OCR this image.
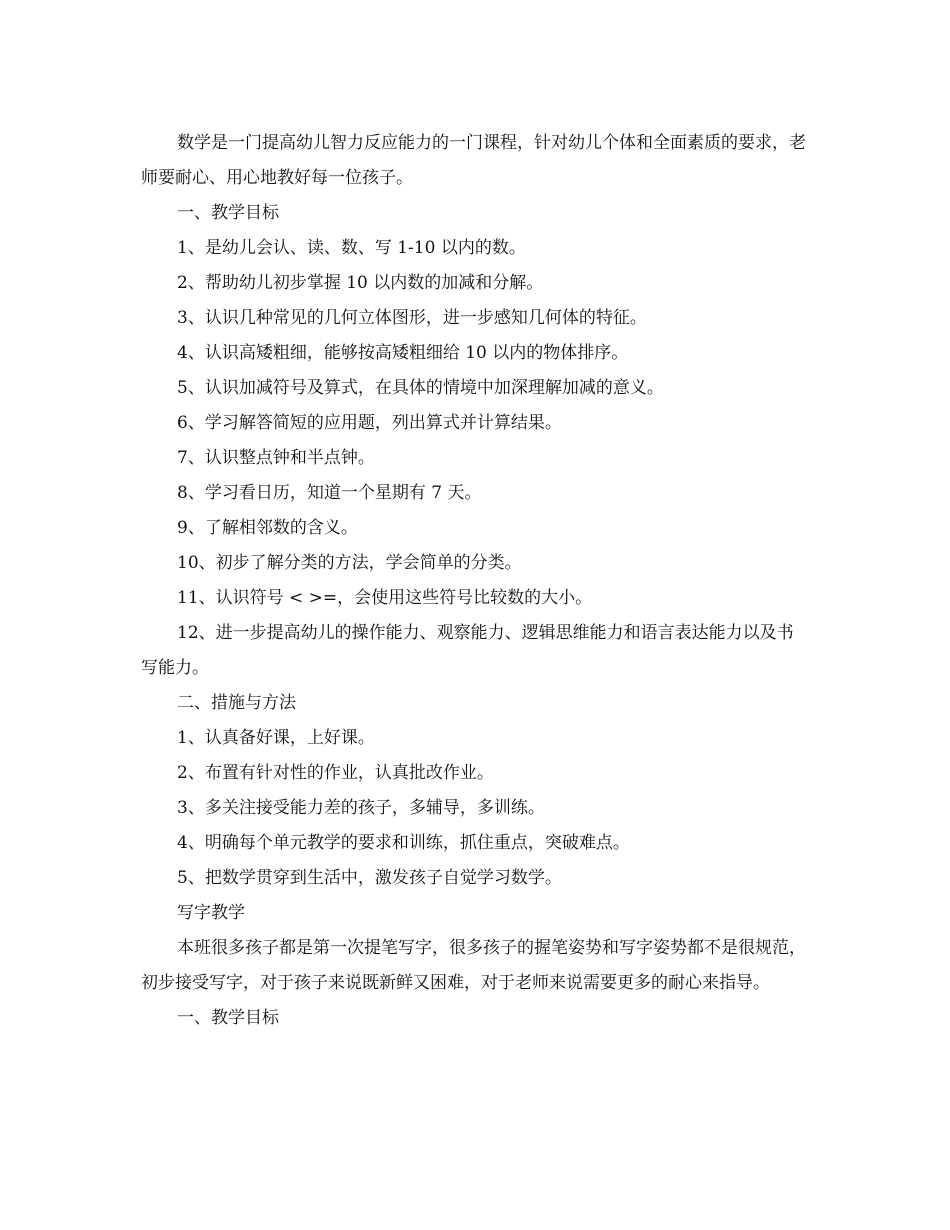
数学是一门提高幼儿智力反应能力的一门课程，针对幼儿个体和全面素质的要求，老师要耐心、用心地教好每一位孩子。

一、教学目标

1、是幼儿会认、读、数、写 1-10 以内的数。

2、帮助幼儿初步掌握 10 以内数的加减和分解。

3、认识几种常见的几何立体图形，进一步感知几何体的特征。

4、认识高矮粗细，能够按高矮粗细给 10 以内的物体排序。

5、认识加减符号及算式，在具体的情境中加深理解加减的意义。

6、学习解答简短的应用题，列出算式并计算结果。

7、认识整点钟和半点钟。

8、学习看日历，知道一个星期有 7 天。

9、了解相邻数的含义。

10、初步了解分类的方法，学会简单的分类。

11、认识符号 < >=，会使用这些符号比较数的大小。

12、进一步提高幼儿的操作能力、观察能力、逻辑思维能力和语言表达能力以及书写能力。

二、措施与方法

1、认真备好课，上好课。

2、布置有针对性的作业，认真批改作业。

3、多关注接受能力差的孩子，多辅导，多训练。

4、明确每个单元教学的要求和训练，抓住重点，突破难点。

5、把数学贯穿到生活中，激发孩子自觉学习数学。

写字教学

本班很多孩子都是第一次提笔写字，很多孩子的握笔姿势和写字姿势都不是很规范，初步接受写字，对于孩子来说既新鲜又困难，对于老师来说需要更多的耐心来指导。

一、教学目标
